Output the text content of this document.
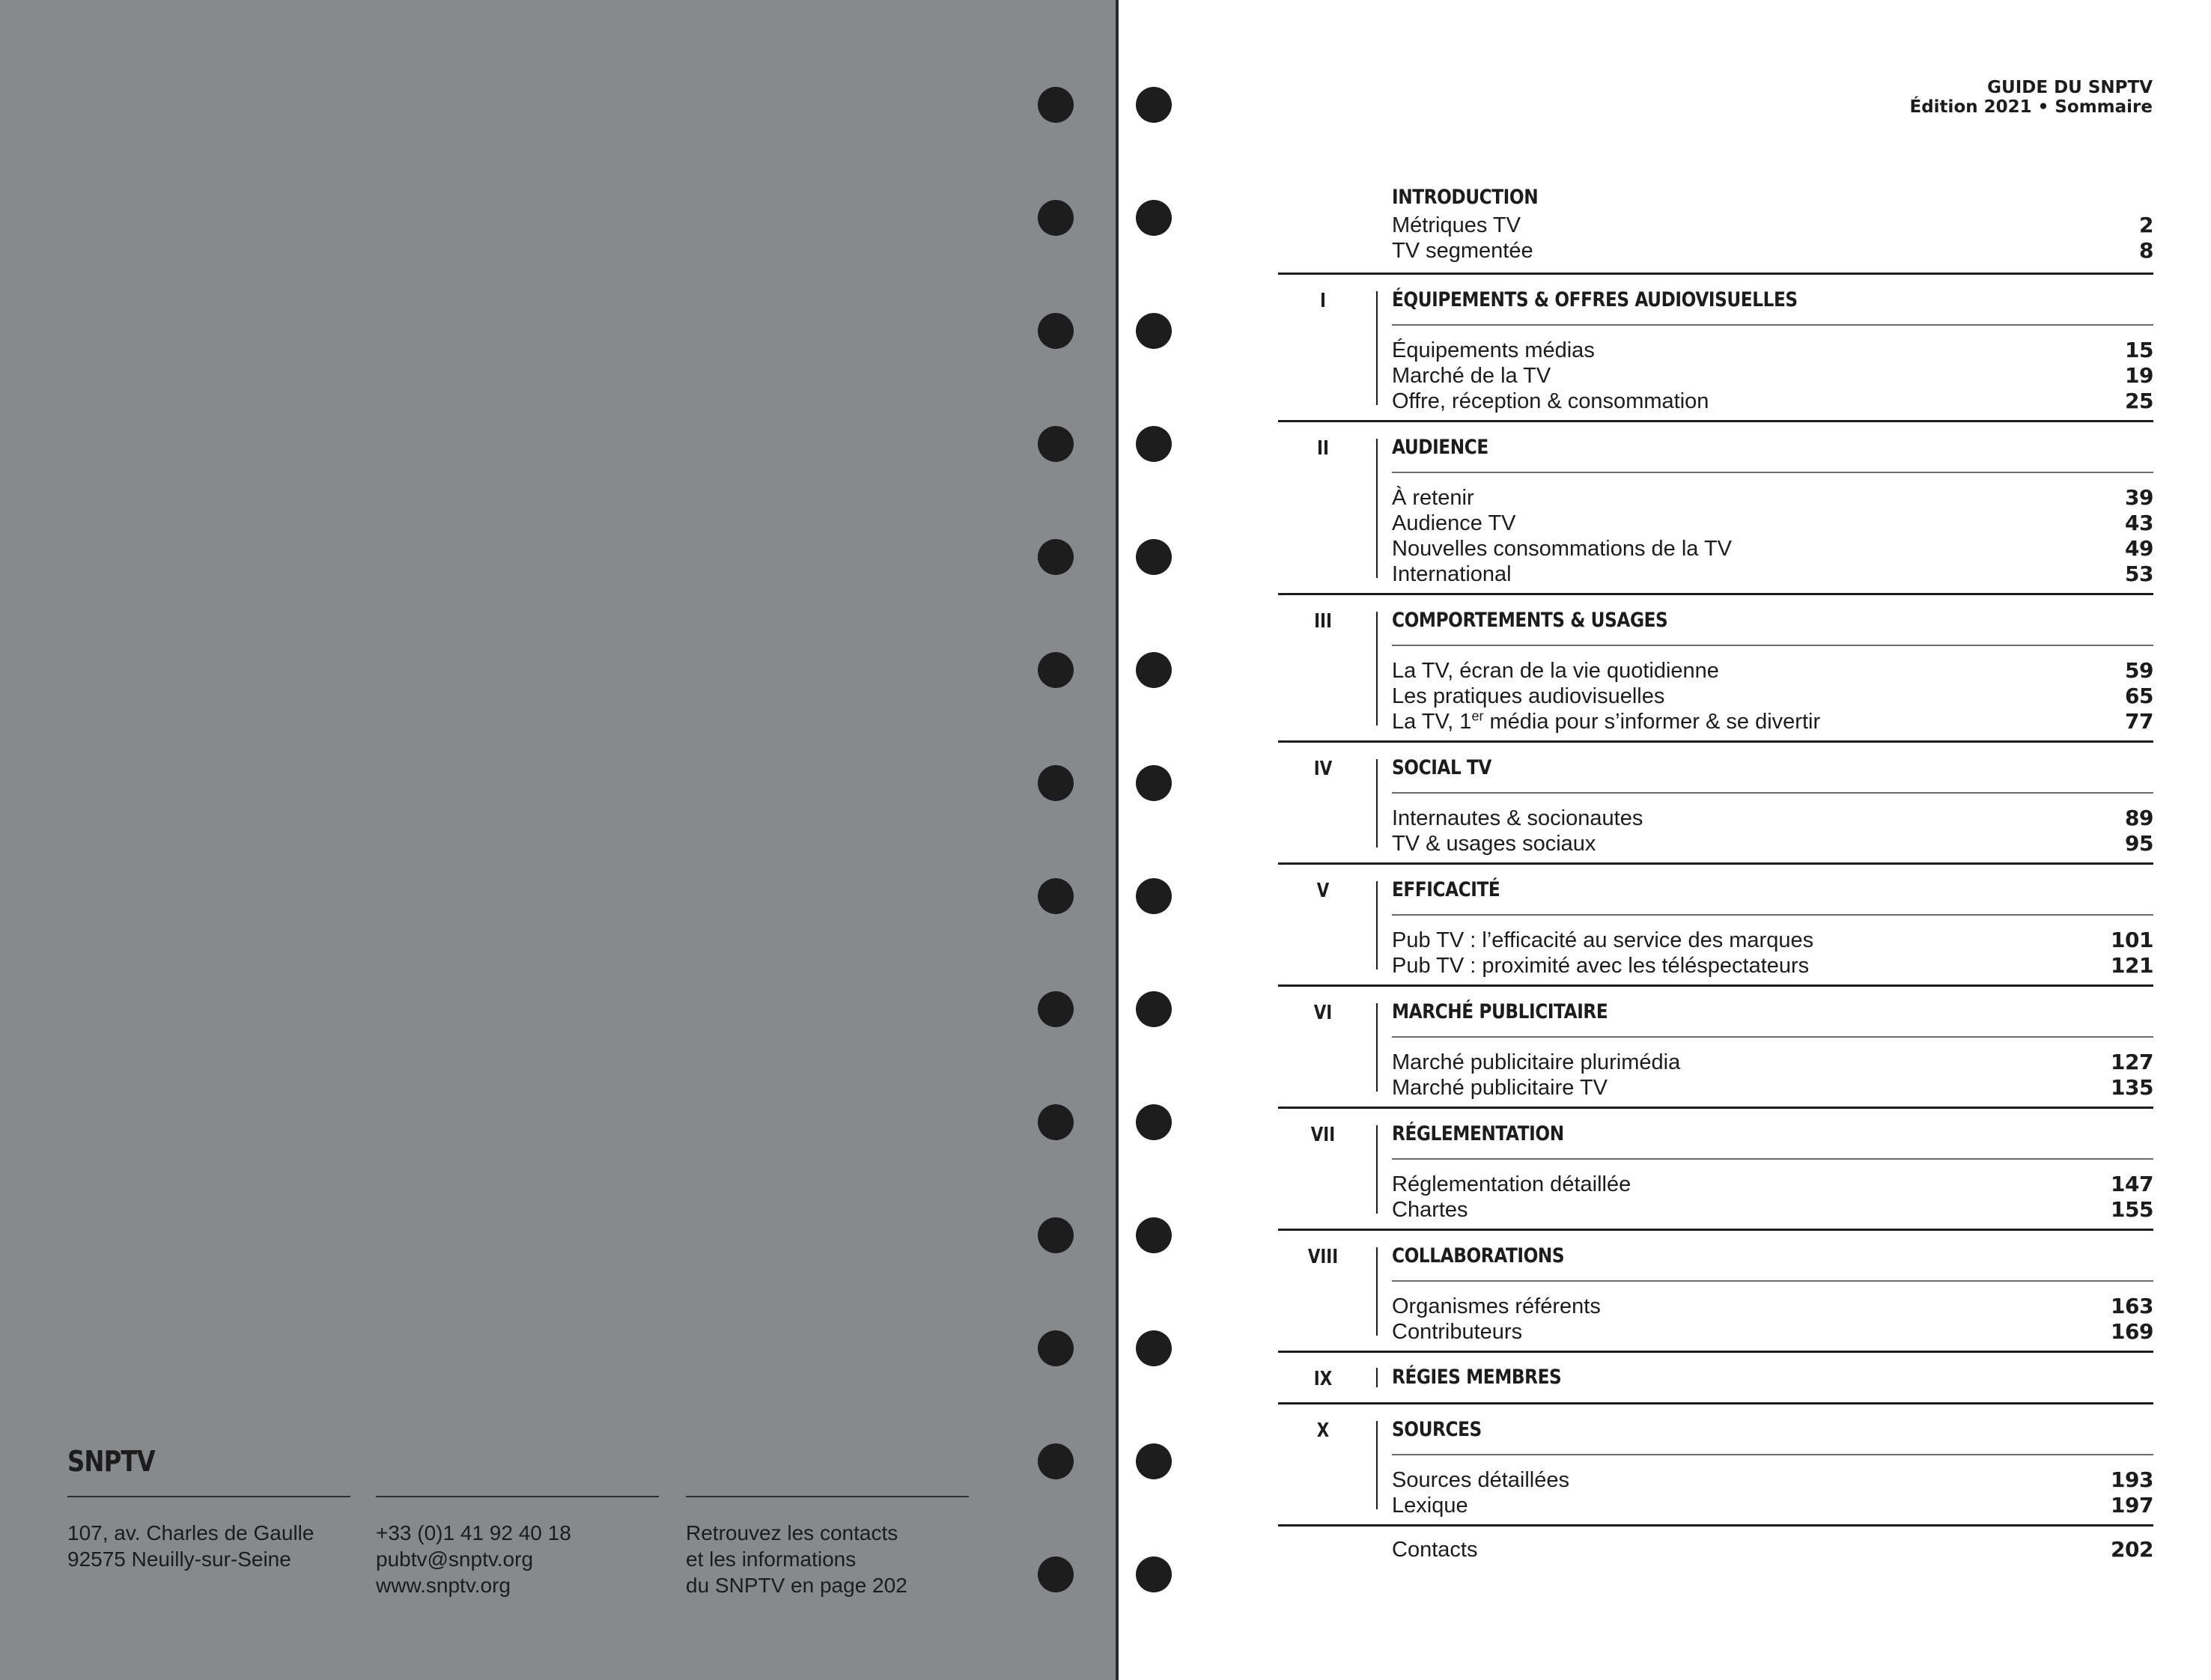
SNPTV
107, av. Charles de Gaulle
92575 Neuilly-sur-Seine
+33 (0)1 41 92 40 18
pubtv@snptv.org
www.snptv.org
Retrouvez les contacts
et les informations
du SNPTV en page 202
GUIDE DU SNPTV
Édition 2021 • Sommaire
INTRODUCTION
Métriques TV	2
TV segmentée	8
I	ÉQUIPEMENTS & OFFRES AUDIOVISUELLES
Équipements médias	15
Marché de la TV	19
Offre, réception & consommation	25
II	AUDIENCE
À retenir	39
Audience TV	43
Nouvelles consommations de la TV	49
International	53
III	COMPORTEMENTS & USAGES
La TV, écran de la vie quotidienne	59
Les pratiques audiovisuelles	65
La TV, 1er média pour s’informer & se divertir	77
IV	SOCIAL TV
Internautes & socionautes	89
TV & usages sociaux	95
V	EFFICACITÉ
Pub TV : l’efficacité au service des marques	101
Pub TV : proximité avec les téléspectateurs	121
VI	MARCHÉ PUBLICITAIRE
Marché publicitaire plurimédia	127
Marché publicitaire TV	135
VII	RÉGLEMENTATION
Réglementation détaillée	147
Chartes	155
VIII	COLLABORATIONS
Organismes référents	163
Contributeurs	169
IX	RÉGIES MEMBRES
X	SOURCES
Sources détaillées	193
Lexique	197
Contacts	202
